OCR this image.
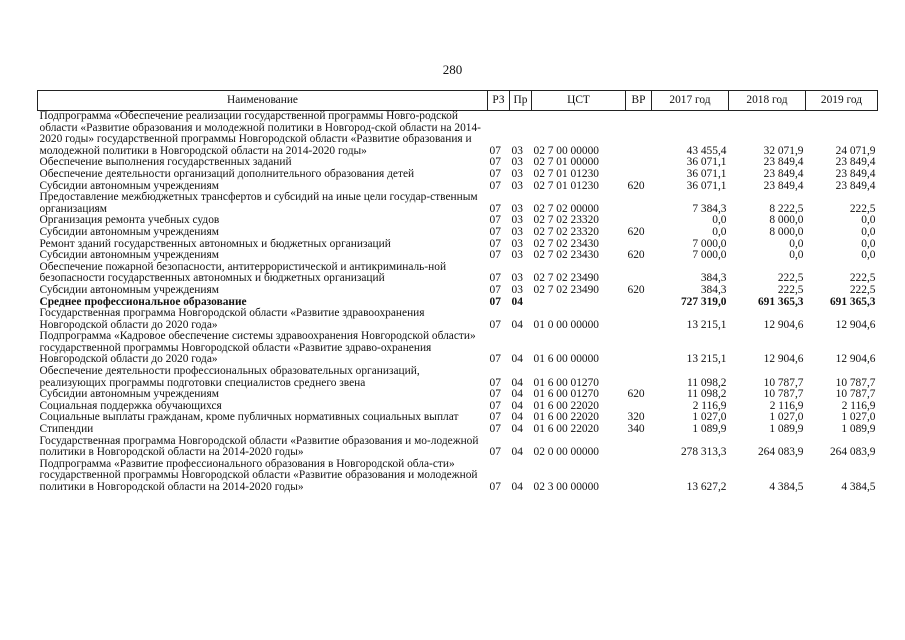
280
Наименование	РЗ	Пр	ЦСТ	ВР	2017 год	2018 год	2019 год
Подпрограмма «Обеспечение реализации государственной программы Новго-родской области «Развитие образования и молодежной политики в Новгород-ской области на 2014-2020 годы» государственной программы Новгородской области «Развитие образования и молодежной политики в Новгородской области на 2014-2020 годы»	07	03	02 7 00 00000		43 455,4	32 071,9	24 071,9
Обеспечение выполнения государственных заданий	07	03	02 7 01 00000		36 071,1	23 849,4	23 849,4
Обеспечение деятельности организаций дополнительного образования детей	07	03	02 7 01 01230		36 071,1	23 849,4	23 849,4
Субсидии автономным учреждениям	07	03	02 7 01 01230	620	36 071,1	23 849,4	23 849,4
Предоставление межбюджетных трансфертов и субсидий на иные цели государ-ственным организациям	07	03	02 7 02 00000		7 384,3	8 222,5	222,5
Организация ремонта учебных судов	07	03	02 7 02 23320		0,0	8 000,0	0,0
Субсидии автономным учреждениям	07	03	02 7 02 23320	620	0,0	8 000,0	0,0
Ремонт зданий государственных автономных и бюджетных организаций	07	03	02 7 02 23430		7 000,0	0,0	0,0
Субсидии автономным учреждениям	07	03	02 7 02 23430	620	7 000,0	0,0	0,0
Обеспечение пожарной безопасности, антитеррористической и антикриминаль-ной безопасности государственных автономных и бюджетных организаций	07	03	02 7 02 23490		384,3	222,5	222,5
Субсидии автономным учреждениям	07	03	02 7 02 23490	620	384,3	222,5	222,5
Среднее профессиональное образование	07	04			727 319,0	691 365,3	691 365,3
Государственная программа Новгородской области «Развитие здравоохранения Новгородской области до 2020 года»	07	04	01 0 00 00000		13 215,1	12 904,6	12 904,6
Подпрограмма «Кадровое обеспечение системы здравоохранения Новгородской области» государственной программы Новгородской области «Развитие здраво-охранения Новгородской области до 2020 года»	07	04	01 6 00 00000		13 215,1	12 904,6	12 904,6
Обеспечение деятельности профессиональных образовательных организаций, реализующих программы подготовки специалистов среднего звена	07	04	01 6 00 01270		11 098,2	10 787,7	10 787,7
Субсидии автономным учреждениям	07	04	01 6 00 01270	620	11 098,2	10 787,7	10 787,7
Социальная поддержка обучающихся	07	04	01 6 00 22020		2 116,9	2 116,9	2 116,9
Социальные выплаты гражданам, кроме публичных нормативных социальных выплат	07	04	01 6 00 22020	320	1 027,0	1 027,0	1 027,0
Стипендии	07	04	01 6 00 22020	340	1 089,9	1 089,9	1 089,9
Государственная программа Новгородской области «Развитие образования и мо-лодежной политики в Новгородской области на 2014-2020 годы»	07	04	02 0 00 00000		278 313,3	264 083,9	264 083,9
Подпрограмма «Развитие профессионального образования в Новгородской обла-сти» государственной программы Новгородской области «Развитие образования и молодежной политики в Новгородской области на 2014-2020 годы»	07	04	02 3 00 00000		13 627,2	4 384,5	4 384,5
